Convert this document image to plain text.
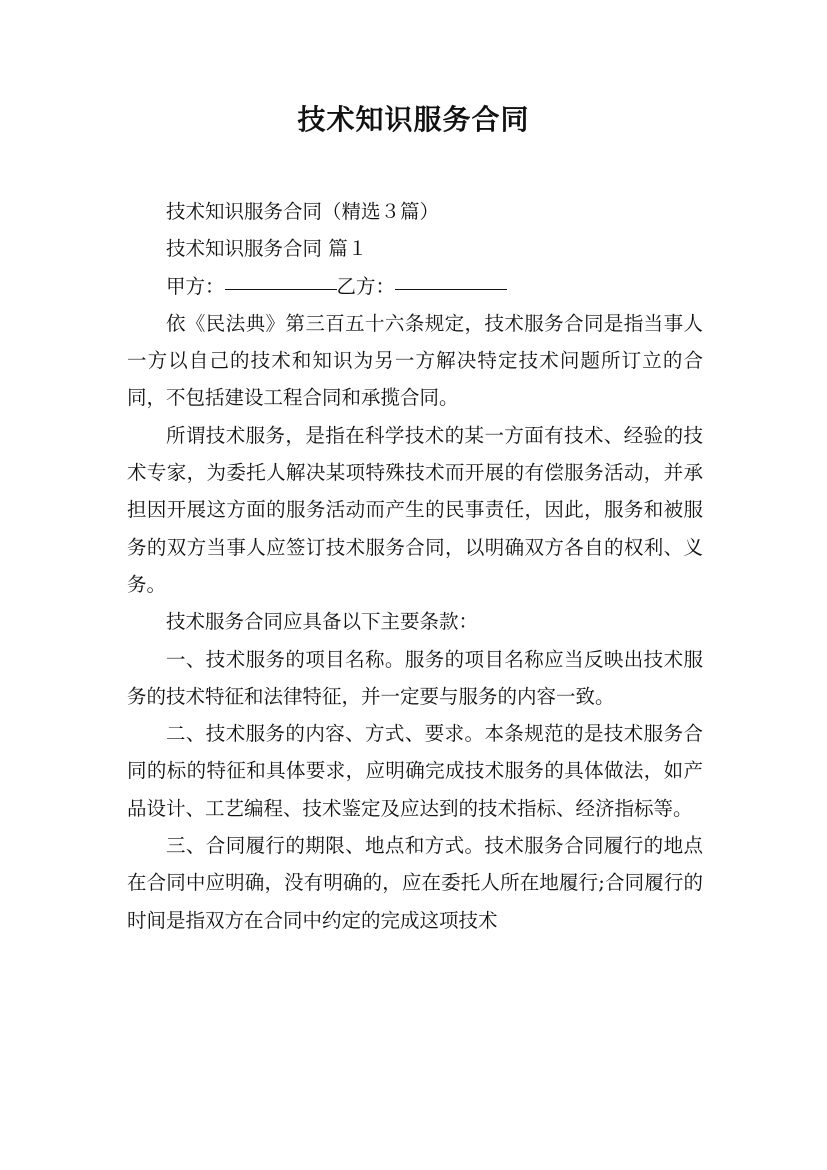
技术知识服务合同

技术知识服务合同（精选３篇）

技术知识服务合同 篇１

甲方：	乙方：

依《民法典》第三百五十六条规定，技术服务合同是指当事人一方以自己的技术和知识为另一方解决特定技术问题所订立的合同，不包括建设工程合同和承揽合同。

所谓技术服务，是指在科学技术的某一方面有技术、经验的技术专家，为委托人解决某项特殊技术而开展的有偿服务活动，并承担因开展这方面的服务活动而产生的民事责任，因此，服务和被服务的双方当事人应签订技术服务合同，以明确双方各自的权利、义务。

技术服务合同应具备以下主要条款：

一、技术服务的项目名称。服务的项目名称应当反映出技术服务的技术特征和法律特征，并一定要与服务的内容一致。

二、技术服务的内容、方式、要求。本条规范的是技术服务合同的标的特征和具体要求，应明确完成技术服务的具体做法，如产品设计、工艺编程、技术鉴定及应达到的技术指标、经济指标等。

三、合同履行的期限、地点和方式。技术服务合同履行的地点在合同中应明确，没有明确的，应在委托人所在地履行;合同履行的时间是指双方在合同中约定的完成这项技术
